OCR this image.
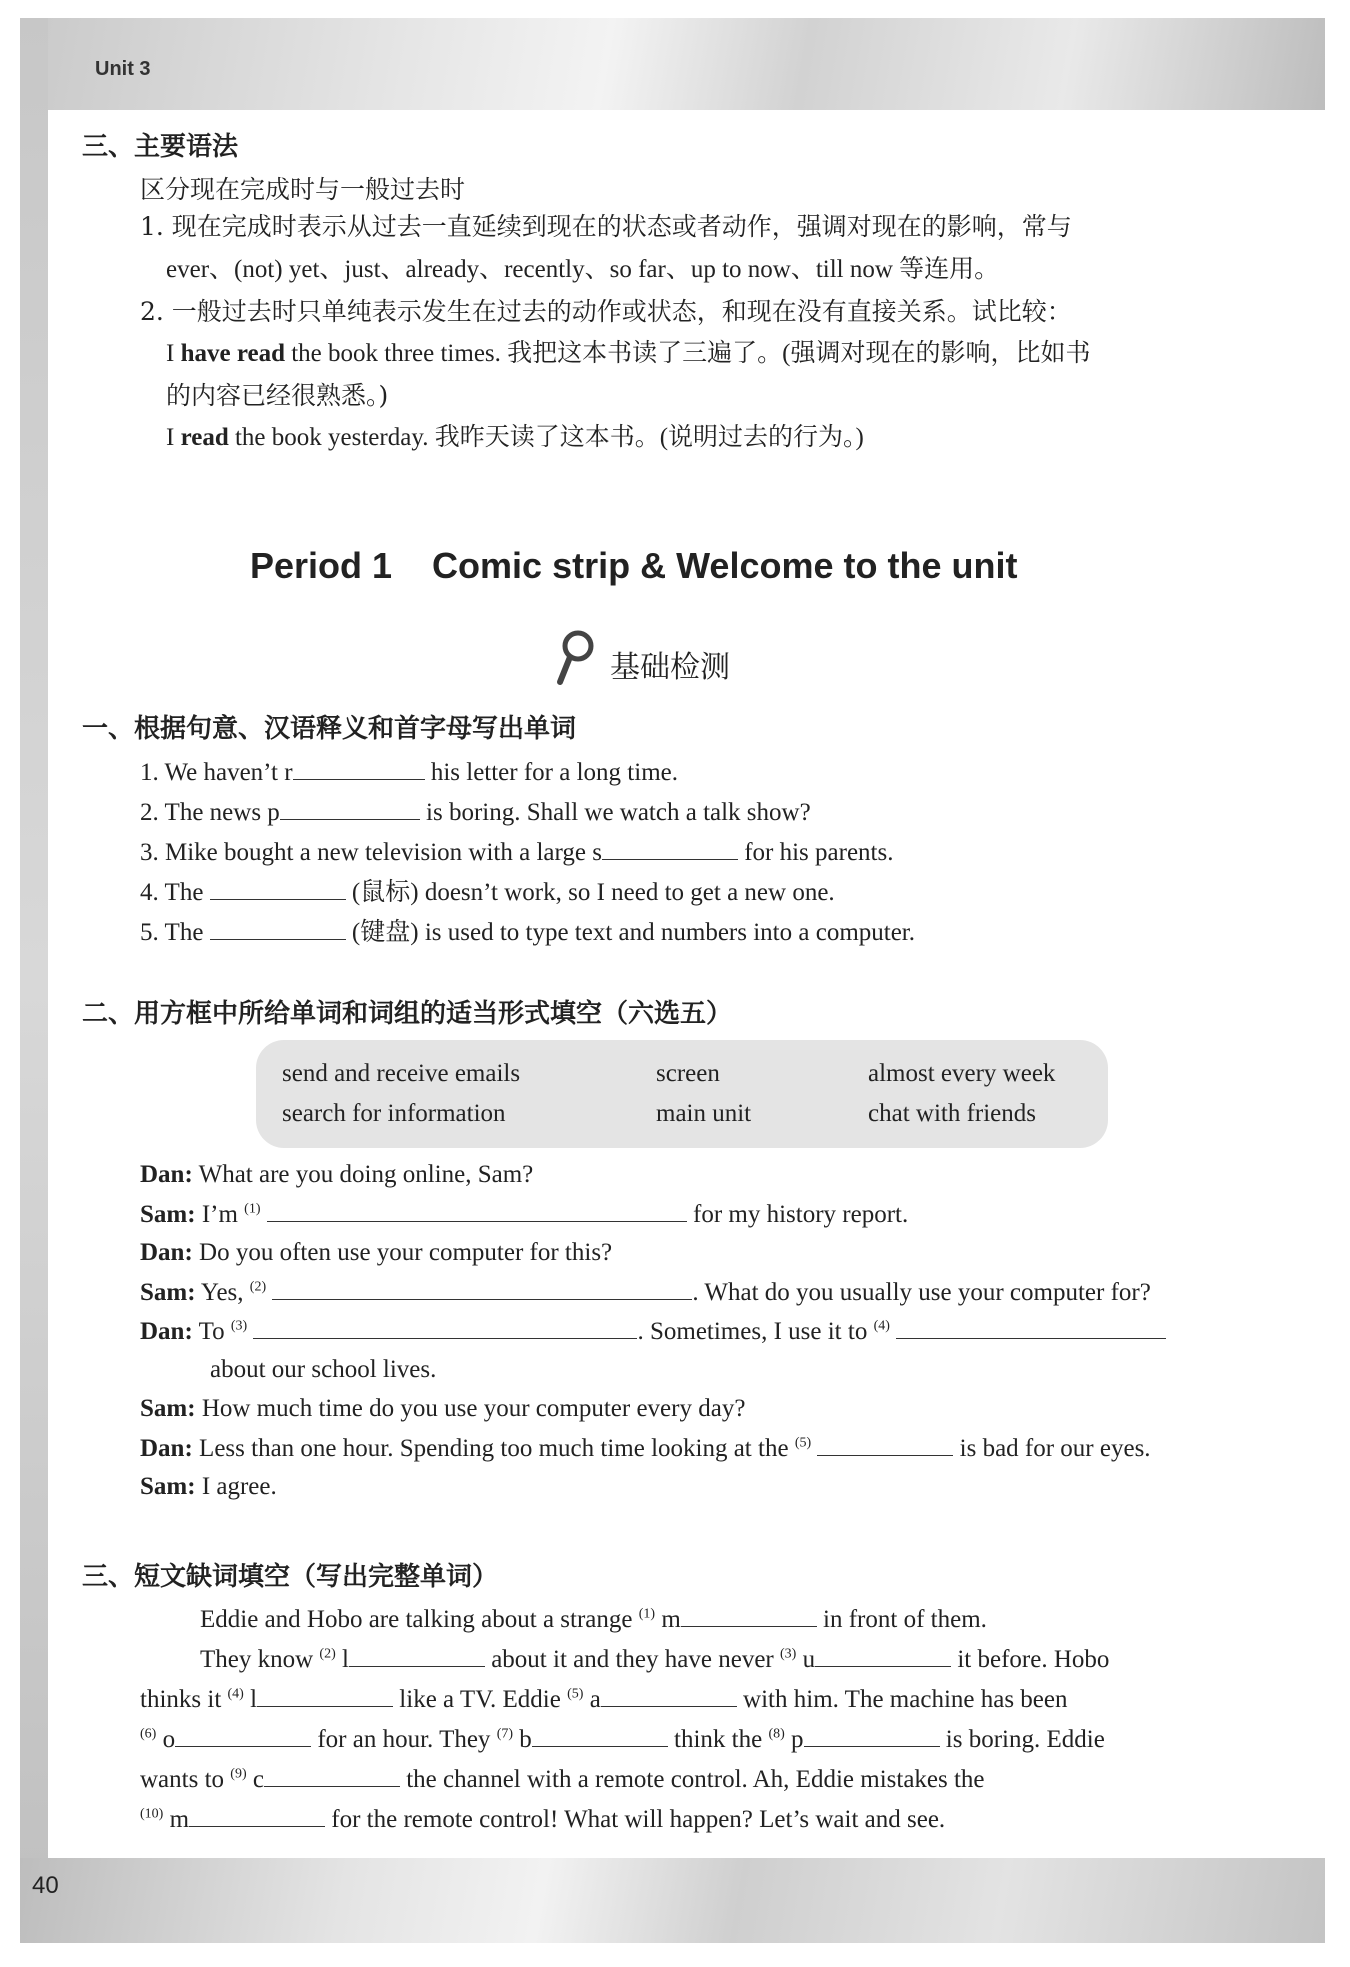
Unit 3
40
三、主要语法
区分现在完成时与一般过去时
1. 现在完成时表示从过去一直延续到现在的状态或者动作，强调对现在的影响，常与
ever、(not) yet、just、already、recently、so far、up to now、till now 等连用。
2. 一般过去时只单纯表示发生在过去的动作或状态，和现在没有直接关系。试比较：
I have read the book three times. 我把这本书读了三遍了。(强调对现在的影响，比如书
的内容已经很熟悉。)
I read the book yesterday. 我昨天读了这本书。(说明过去的行为。)
Period 1    Comic strip & Welcome to the unit
基础检测
一、根据句意、汉语释义和首字母写出单词
1. We haven’t r	his letter for a long time.
2. The news p	is boring. Shall we watch a talk show?
3. Mike bought a new television with a large s	for his parents.
4. The	(鼠标) doesn’t work, so I need to get a new one.
5. The	(键盘) is used to type text and numbers into a computer.
二、用方框中所给单词和词组的适当形式填空（六选五）
send and receive emails	screen	almost every week
search for information	main unit	chat with friends
Dan: What are you doing online, Sam?
Sam: I’m $^{(1)}$	for my history report.
Dan: Do you often use your computer for this?
Sam: Yes, $^{(2)}$	. What do you usually use your computer for?
Dan: To $^{(3)}$	. Sometimes, I use it to $^{(4)}$
about our school lives.
Sam: How much time do you use your computer every day?
Dan: Less than one hour. Spending too much time looking at the $^{(5)}$	is bad for our eyes.
Sam: I agree.
三、短文缺词填空（写出完整单词）
Eddie and Hobo are talking about a strange $^{(1)}$ m	in front of them.
They know $^{(2)}$ l	about it and they have never $^{(3)}$ u	it before. Hobo
thinks it $^{(4)}$ l	like a TV. Eddie $^{(5)}$ a	with him. The machine has been
$^{(6)}$ o	for an hour. They $^{(7)}$ b	think the $^{(8)}$ p	is boring. Eddie
wants to $^{(9)}$ c	the channel with a remote control. Ah, Eddie mistakes the
$^{(10)}$ m	for the remote control! What will happen? Let’s wait and see.
